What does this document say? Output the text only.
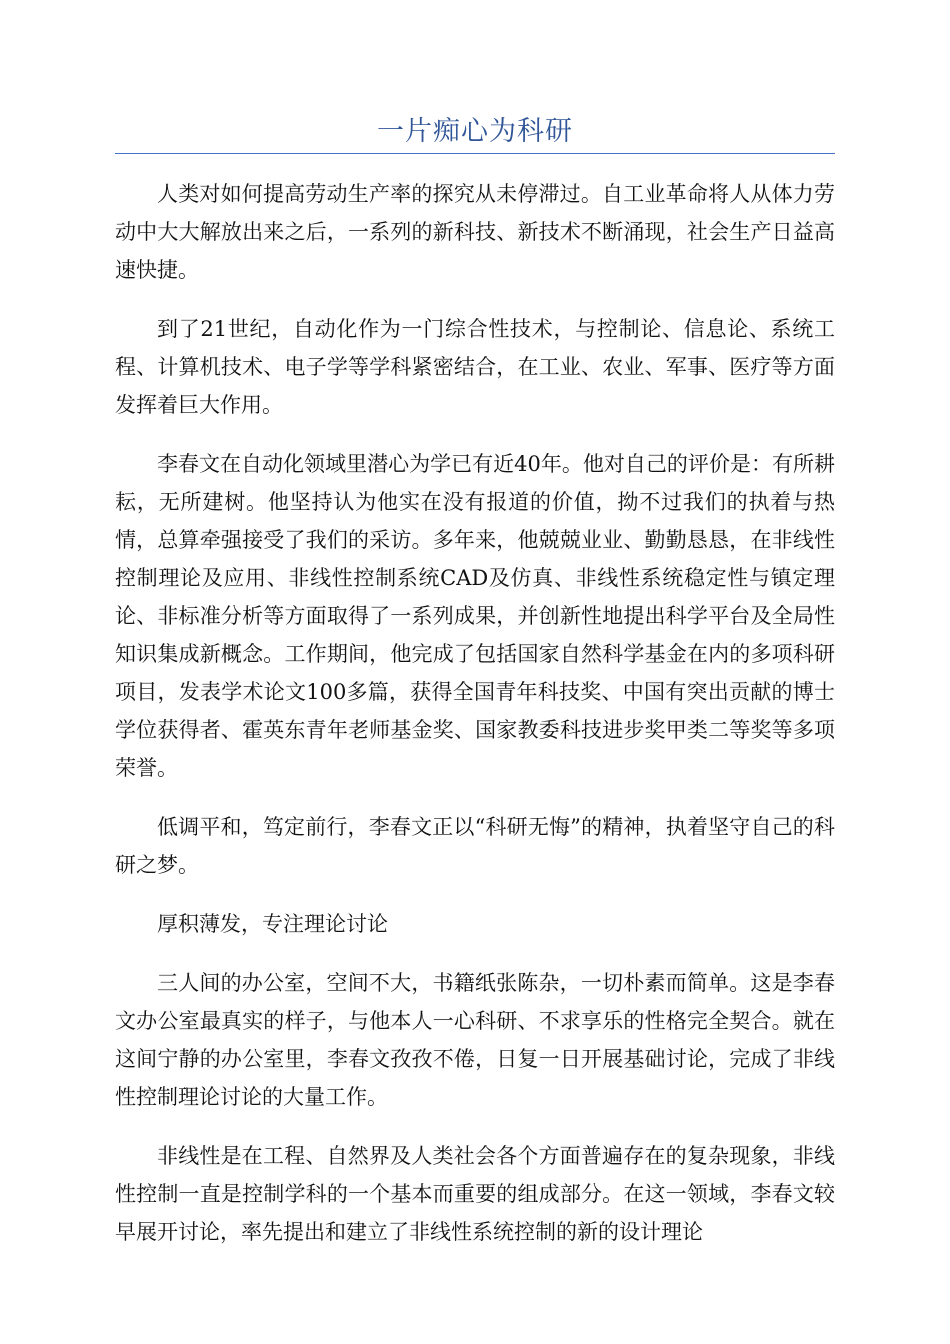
一片痴心为科研

人类对如何提高劳动生产率的探究从未停滞过。自工业革命将人从体力劳动中大大解放出来之后，一系列的新科技、新技术不断涌现，社会生产日益高速快捷。

到了21世纪，自动化作为一门综合性技术，与控制论、信息论、系统工程、计算机技术、电子学等学科紧密结合，在工业、农业、军事、医疗等方面发挥着巨大作用。

李春文在自动化领域里潜心为学已有近40年。他对自己的评价是：有所耕耘，无所建树。他坚持认为他实在没有报道的价值，拗不过我们的执着与热情，总算牵强接受了我们的采访。多年来，他兢兢业业、勤勤恳恳，在非线性控制理论及应用、非线性控制系统CAD及仿真、非线性系统稳定性与镇定理论、非标准分析等方面取得了一系列成果，并创新性地提出科学平台及全局性知识集成新概念。工作期间，他完成了包括国家自然科学基金在内的多项科研项目，发表学术论文100多篇，获得全国青年科技奖、中国有突出贡献的博士学位获得者、霍英东青年老师基金奖、国家教委科技进步奖甲类二等奖等多项荣誉。

低调平和，笃定前行，李春文正以“科研无悔”的精神，执着坚守自己的科研之梦。

厚积薄发，专注理论讨论

三人间的办公室，空间不大，书籍纸张陈杂，一切朴素而简单。这是李春文办公室最真实的样子，与他本人一心科研、不求享乐的性格完全契合。就在这间宁静的办公室里，李春文孜孜不倦，日复一日开展基础讨论，完成了非线性控制理论讨论的大量工作。

非线性是在工程、自然界及人类社会各个方面普遍存在的复杂现象，非线性控制一直是控制学科的一个基本而重要的组成部分。在这一领域，李春文较早展开讨论，率先提出和建立了非线性系统控制的新的设计理论
